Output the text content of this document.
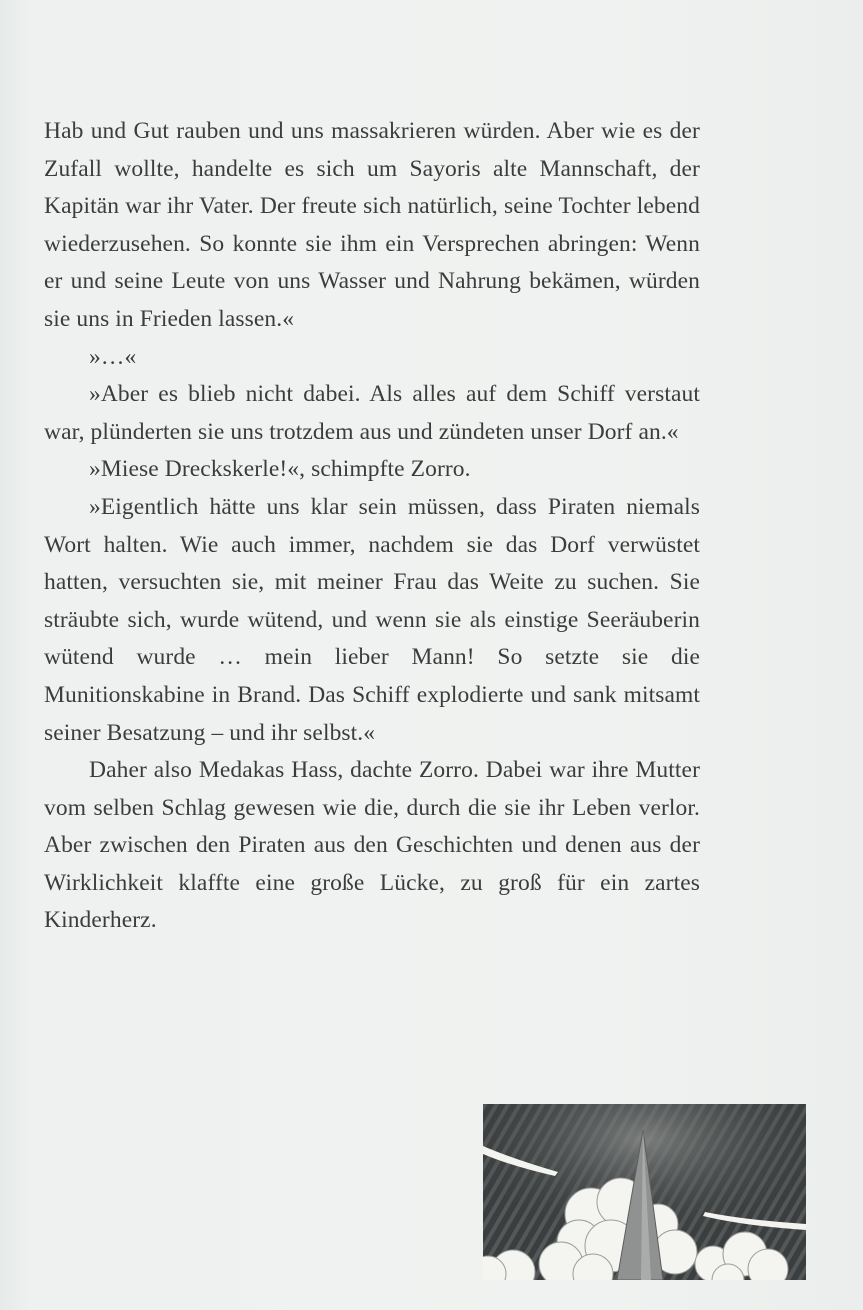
Hab und Gut rauben und uns massakrieren würden. Aber wie es der Zufall wollte, handelte es sich um Sayoris alte Mannschaft, der Kapitän war ihr Vater. Der freute sich natürlich, seine Tochter lebend wiederzusehen. So konnte sie ihm ein Versprechen abringen: Wenn er und seine Leute von uns Wasser und Nahrung bekämen, würden sie uns in Frieden lassen.«

»…«

»Aber es blieb nicht dabei. Als alles auf dem Schiff verstaut war, plünderten sie uns trotzdem aus und zündeten unser Dorf an.«

»Miese Dreckskerle!«, schimpfte Zorro.

»Eigentlich hätte uns klar sein müssen, dass Piraten niemals Wort halten. Wie auch immer, nachdem sie das Dorf verwüstet hatten, versuchten sie, mit meiner Frau das Weite zu suchen. Sie sträubte sich, wurde wütend, und wenn sie als einstige Seeräuberin wütend wurde … mein lieber Mann! So setzte sie die Munitionskabine in Brand. Das Schiff explodierte und sank mitsamt seiner Besatzung – und ihr selbst.«

Daher also Medakas Hass, dachte Zorro. Dabei war ihre Mutter vom selben Schlag gewesen wie die, durch die sie ihr Leben verlor. Aber zwischen den Piraten aus den Geschichten und denen aus der Wirklichkeit klaffte eine große Lücke, zu groß für ein zartes Kinderherz.
